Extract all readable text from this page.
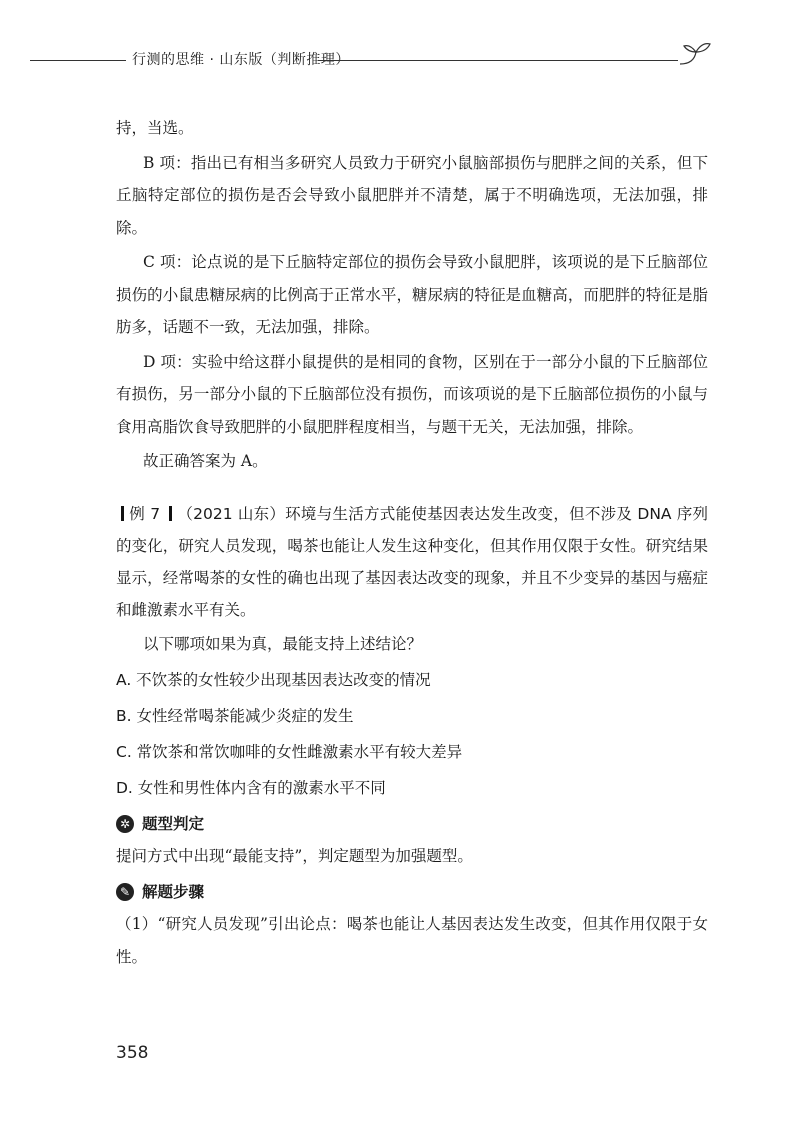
行测的思维 · 山东版（判断推理）

持，当选。

B 项：指出已有相当多研究人员致力于研究小鼠脑部损伤与肥胖之间的关系，但下丘脑特定部位的损伤是否会导致小鼠肥胖并不清楚，属于不明确选项，无法加强，排除。

C 项：论点说的是下丘脑特定部位的损伤会导致小鼠肥胖，该项说的是下丘脑部位损伤的小鼠患糖尿病的比例高于正常水平，糖尿病的特征是血糖高，而肥胖的特征是脂肪多，话题不一致，无法加强，排除。

D 项：实验中给这群小鼠提供的是相同的食物，区别在于一部分小鼠的下丘脑部位有损伤，另一部分小鼠的下丘脑部位没有损伤，而该项说的是下丘脑部位损伤的小鼠与食用高脂饮食导致肥胖的小鼠肥胖程度相当，与题干无关，无法加强，排除。

故正确答案为 A。

例 7 （2021 山东）环境与生活方式能使基因表达发生改变，但不涉及 DNA 序列的变化，研究人员发现，喝茶也能让人发生这种变化，但其作用仅限于女性。研究结果显示，经常喝茶的女性的确也出现了基因表达改变的现象，并且不少变异的基因与癌症和雌激素水平有关。

以下哪项如果为真，最能支持上述结论？

A. 不饮茶的女性较少出现基因表达改变的情况

B. 女性经常喝茶能减少炎症的发生

C. 常饮茶和常饮咖啡的女性雌激素水平有较大差异

D. 女性和男性体内含有的激素水平不同

✲ 题型判定

提问方式中出现“最能支持”，判定题型为加强题型。

✎ 解题步骤

（1）“研究人员发现”引出论点：喝茶也能让人基因表达发生改变，但其作用仅限于女性。

358
